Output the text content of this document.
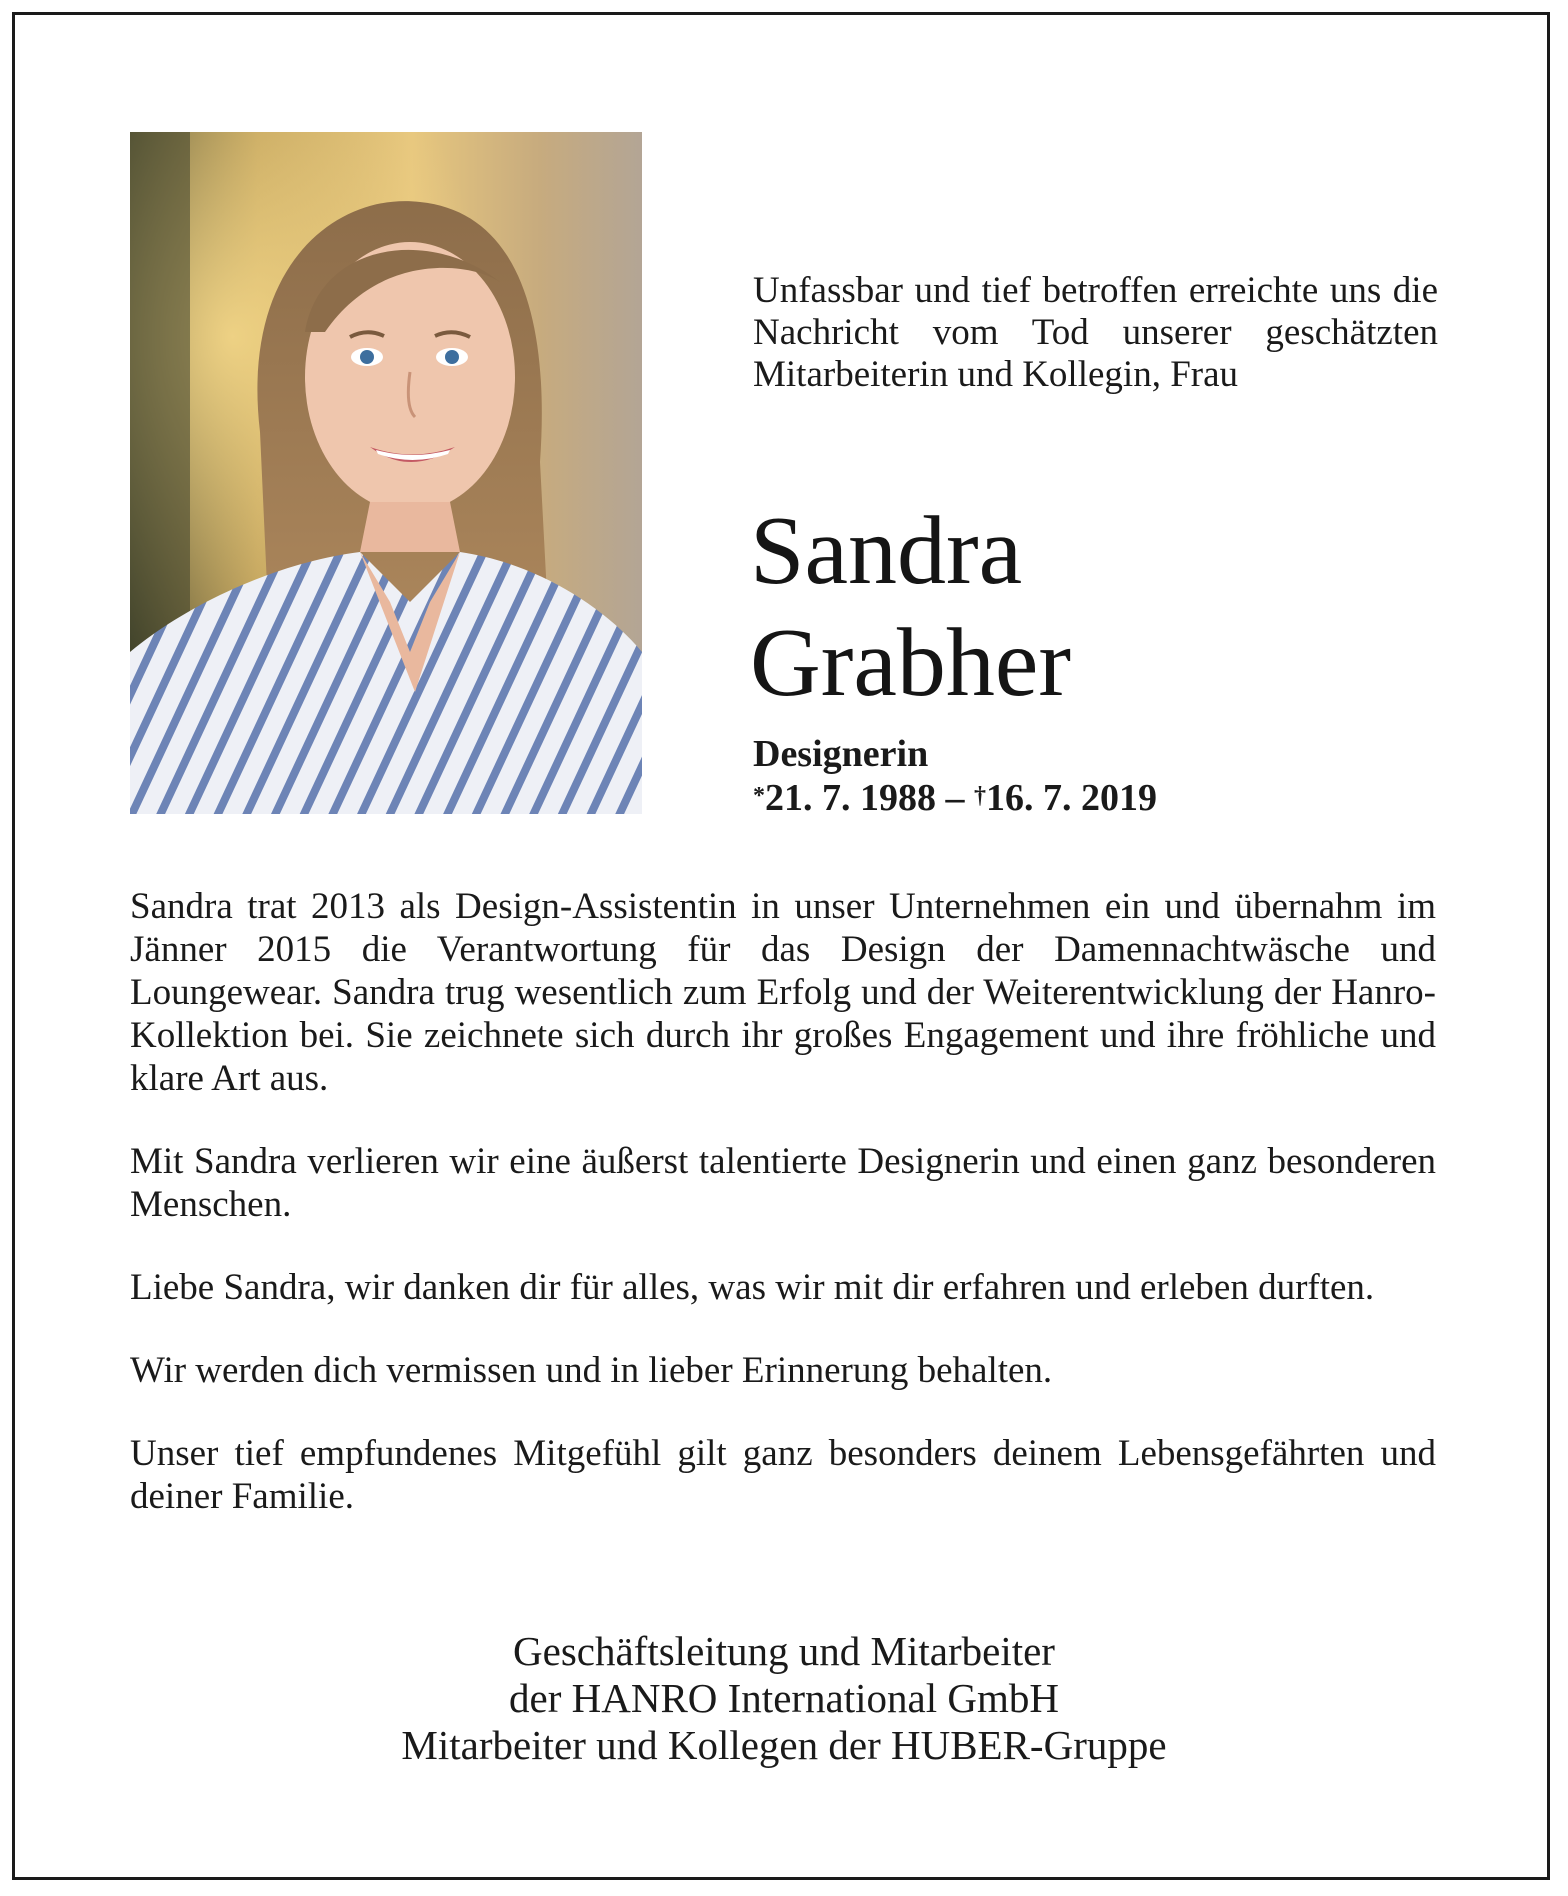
Unfassbar und tief betroffen erreichte uns die Nachricht vom Tod unserer geschätzten Mitarbeiterin und Kollegin, Frau

Sandra
Grabher
Designerin
*21. 7. 1988 – †16. 7. 2019

Sandra trat 2013 als Design-Assistentin in unser Unternehmen ein und übernahm im Jänner 2015 die Verantwortung für das Design der Damennachtwäsche und Loungewear. Sandra trug wesentlich zum Erfolg und der Weiterentwicklung der Hanro-Kollektion bei. Sie zeichnete sich durch ihr großes Engagement und ihre fröhliche und klare Art aus.

Mit Sandra verlieren wir eine äußerst talentierte Designerin und einen ganz besonderen Menschen.

Liebe Sandra, wir danken dir für alles, was wir mit dir erfahren und erleben durften.

Wir werden dich vermissen und in lieber Erinnerung behalten.

Unser tief empfundenes Mitgefühl gilt ganz besonders deinem Lebensgefährten und deiner Familie.

Geschäftsleitung und Mitarbeiter
der HANRO International GmbH
Mitarbeiter und Kollegen der HUBER-Gruppe
